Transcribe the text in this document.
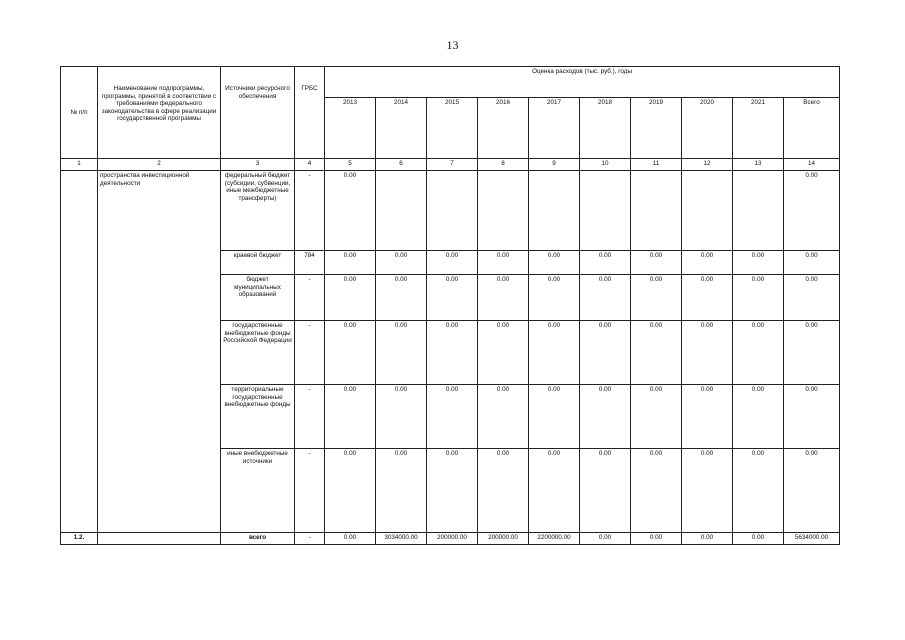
13
№ п/п	Наименование подпрограммы, программы, принятой в соответствии с требованиями федерального законодательства в сфере реализации государственной программы	Источники ресурсного обеспечения	ГРБС	Оценка расходов (тыс. руб.), годы									
				2013	2014	2015	2016	2017	2018	2019	2020	2021	Всего
1	2	3	4	5	6	7	8	9	10	11	12	13	14
	пространства инвестиционной деятельности	федеральный бюджет (субсидии, субвенции, иные межбюджетные трансферты)	-	0.00									0.00
		краевой бюджет	784	0.00	0.00	0.00	0.00	0.00	0.00	0.00	0.00	0.00	0.00
		бюджет муниципальных образований	-	0.00	0.00	0.00	0.00	0.00	0.00	0.00	0.00	0.00	0.00
		государственные внебюджетные фонды Российской Федерации	-	0.00	0.00	0.00	0.00	0.00	0.00	0.00	0.00	0.00	0.00
		территориальные государственные внебюджетные фонды	-	0.00	0.00	0.00	0.00	0.00	0.00	0.00	0.00	0.00	0.00
		иные внебюджетные источники	-	0.00	0.00	0.00	0.00	0.00	0.00	0.00	0.00	0.00	0.00
1.2.		всего	-	0.00	3034000.00	200000.00	200000.00	2200000.00	0.00	0.00	0.00	0.00	5634000.00
